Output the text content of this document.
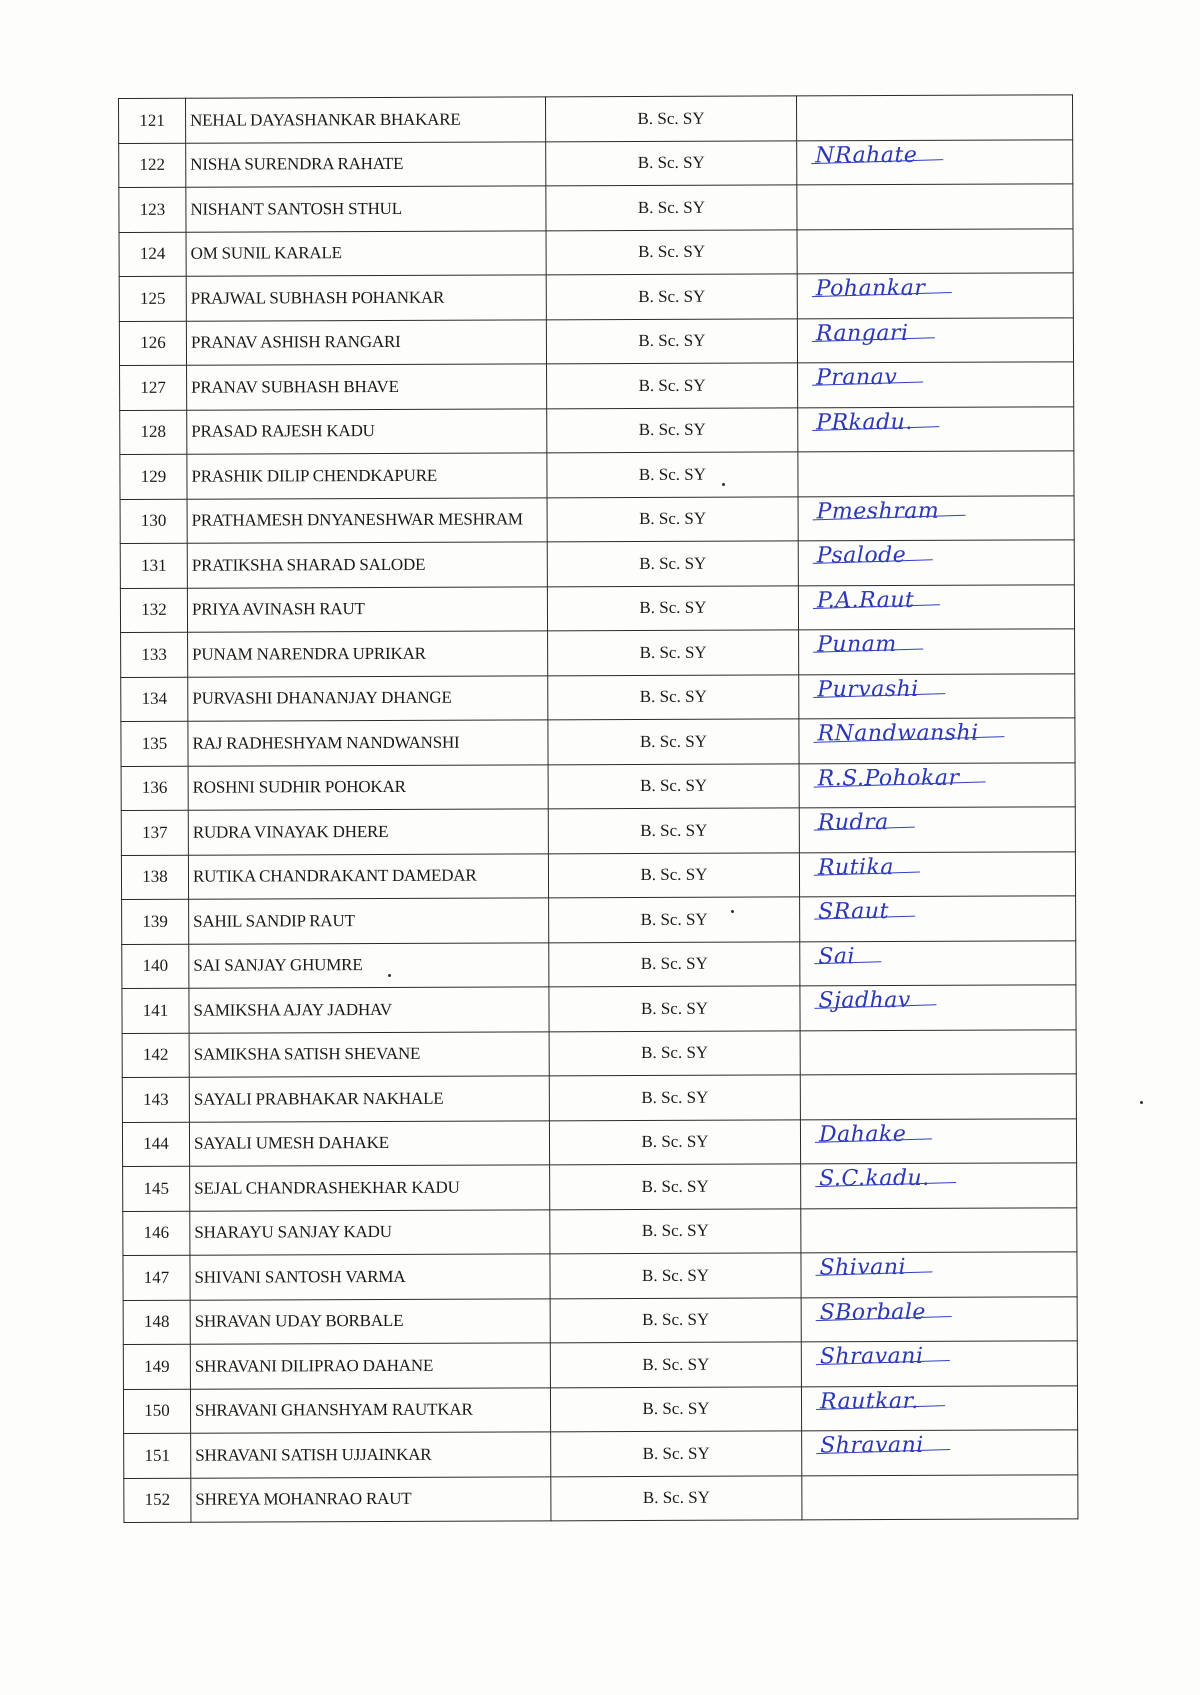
121	NEHAL DAYASHANKAR BHAKARE	B. Sc. SY	
122	NISHA SURENDRA RAHATE	B. Sc. SY	NRahate

123	NISHANT SANTOSH STHUL	B. Sc. SY	
124	OM SUNIL KARALE	B. Sc. SY	
125	PRAJWAL SUBHASH POHANKAR	B. Sc. SY	Pohankar

126	PRANAV ASHISH RANGARI	B. Sc. SY	Rangari

127	PRANAV SUBHASH BHAVE	B. Sc. SY	Pranav

128	PRASAD RAJESH KADU	B. Sc. SY	PRkadu.

129	PRASHIK DILIP CHENDKAPURE	B. Sc. SY	
130	PRATHAMESH DNYANESHWAR MESHRAM	B. Sc. SY	Pmeshram

131	PRATIKSHA SHARAD SALODE	B. Sc. SY	Psalode

132	PRIYA AVINASH RAUT	B. Sc. SY	P.A.Raut

133	PUNAM NARENDRA UPRIKAR	B. Sc. SY	Punam

134	PURVASHI DHANANJAY DHANGE	B. Sc. SY	Purvashi

135	RAJ RADHESHYAM NANDWANSHI	B. Sc. SY	RNandwanshi

136	ROSHNI SUDHIR POHOKAR	B. Sc. SY	R.S.Pohokar

137	RUDRA VINAYAK DHERE	B. Sc. SY	Rudra

138	RUTIKA CHANDRAKANT DAMEDAR	B. Sc. SY	Rutika

139	SAHIL SANDIP RAUT	B. Sc. SY	SRaut

140	SAI SANJAY GHUMRE	B. Sc. SY	Sai

141	SAMIKSHA AJAY JADHAV	B. Sc. SY	Sjadhav

142	SAMIKSHA SATISH SHEVANE	B. Sc. SY	
143	SAYALI PRABHAKAR NAKHALE	B. Sc. SY	
144	SAYALI UMESH DAHAKE	B. Sc. SY	Dahake

145	SEJAL CHANDRASHEKHAR KADU	B. Sc. SY	S.C.kadu.

146	SHARAYU SANJAY KADU	B. Sc. SY	
147	SHIVANI SANTOSH VARMA	B. Sc. SY	Shivani

148	SHRAVAN UDAY BORBALE	B. Sc. SY	SBorbale

149	SHRAVANI DILIPRAO DAHANE	B. Sc. SY	Shravani

150	SHRAVANI GHANSHYAM RAUTKAR	B. Sc. SY	Rautkar.

151	SHRAVANI SATISH UJJAINKAR	B. Sc. SY	Shravani

152	SHREYA MOHANRAO RAUT	B. Sc. SY	
